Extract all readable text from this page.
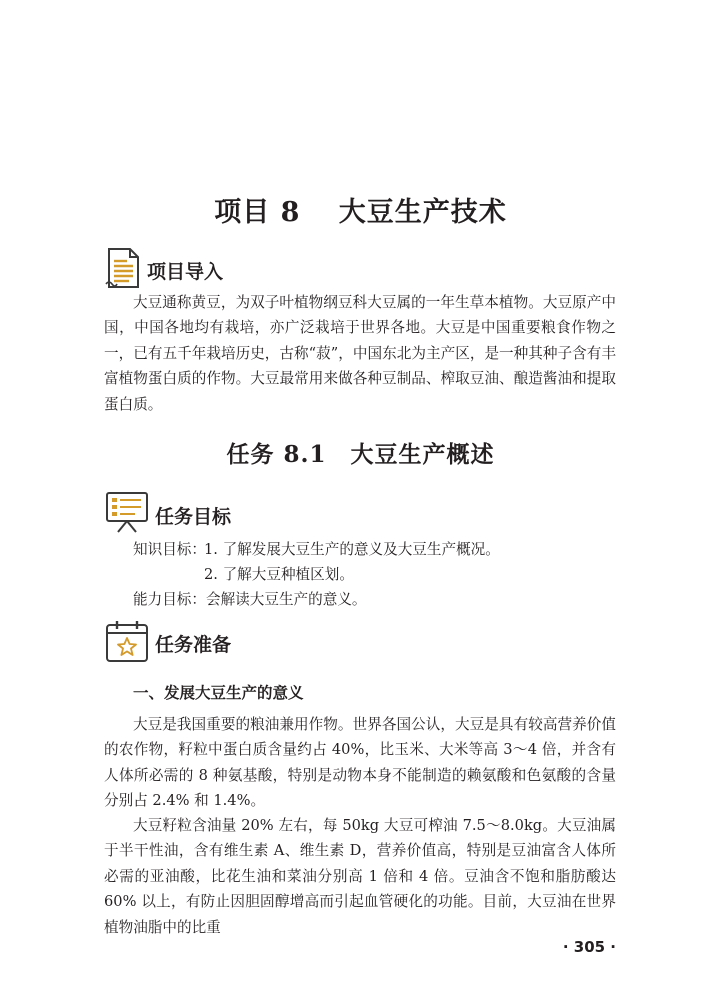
项目 8　 大豆生产技术
项目导入
大豆通称黄豆，为双子叶植物纲豆科大豆属的一年生草本植物。大豆原产中国，中国各地均有栽培，亦广泛栽培于世界各地。大豆是中国重要粮食作物之一，已有五千年栽培历史，古称“菽”，中国东北为主产区，是一种其种子含有丰富植物蛋白质的作物。大豆最常用来做各种豆制品、榨取豆油、酿造酱油和提取蛋白质。
任务 8.1　大豆生产概述
任务目标
知识目标：
1. 了解发展大豆生产的意义及大豆生产概况。
2. 了解大豆种植区划。
能力目标：会解读大豆生产的意义。
任务准备
一、发展大豆生产的意义
大豆是我国重要的粮油兼用作物。世界各国公认，大豆是具有较高营养价值的农作物，籽粒中蛋白质含量约占 40%，比玉米、大米等高 3～4 倍，并含有人体所必需的 8 种氨基酸，特别是动物本身不能制造的赖氨酸和色氨酸的含量分别占 2.4% 和 1.4%。
大豆籽粒含油量 20% 左右，每 50kg 大豆可榨油 7.5～8.0kg。大豆油属于半干性油，含有维生素 A、维生素 D，营养价值高，特别是豆油富含人体所必需的亚油酸，比花生油和菜油分别高 1 倍和 4 倍。豆油含不饱和脂肪酸达 60% 以上，有防止因胆固醇增高而引起血管硬化的功能。目前，大豆油在世界植物油脂中的比重
· 305 ·
